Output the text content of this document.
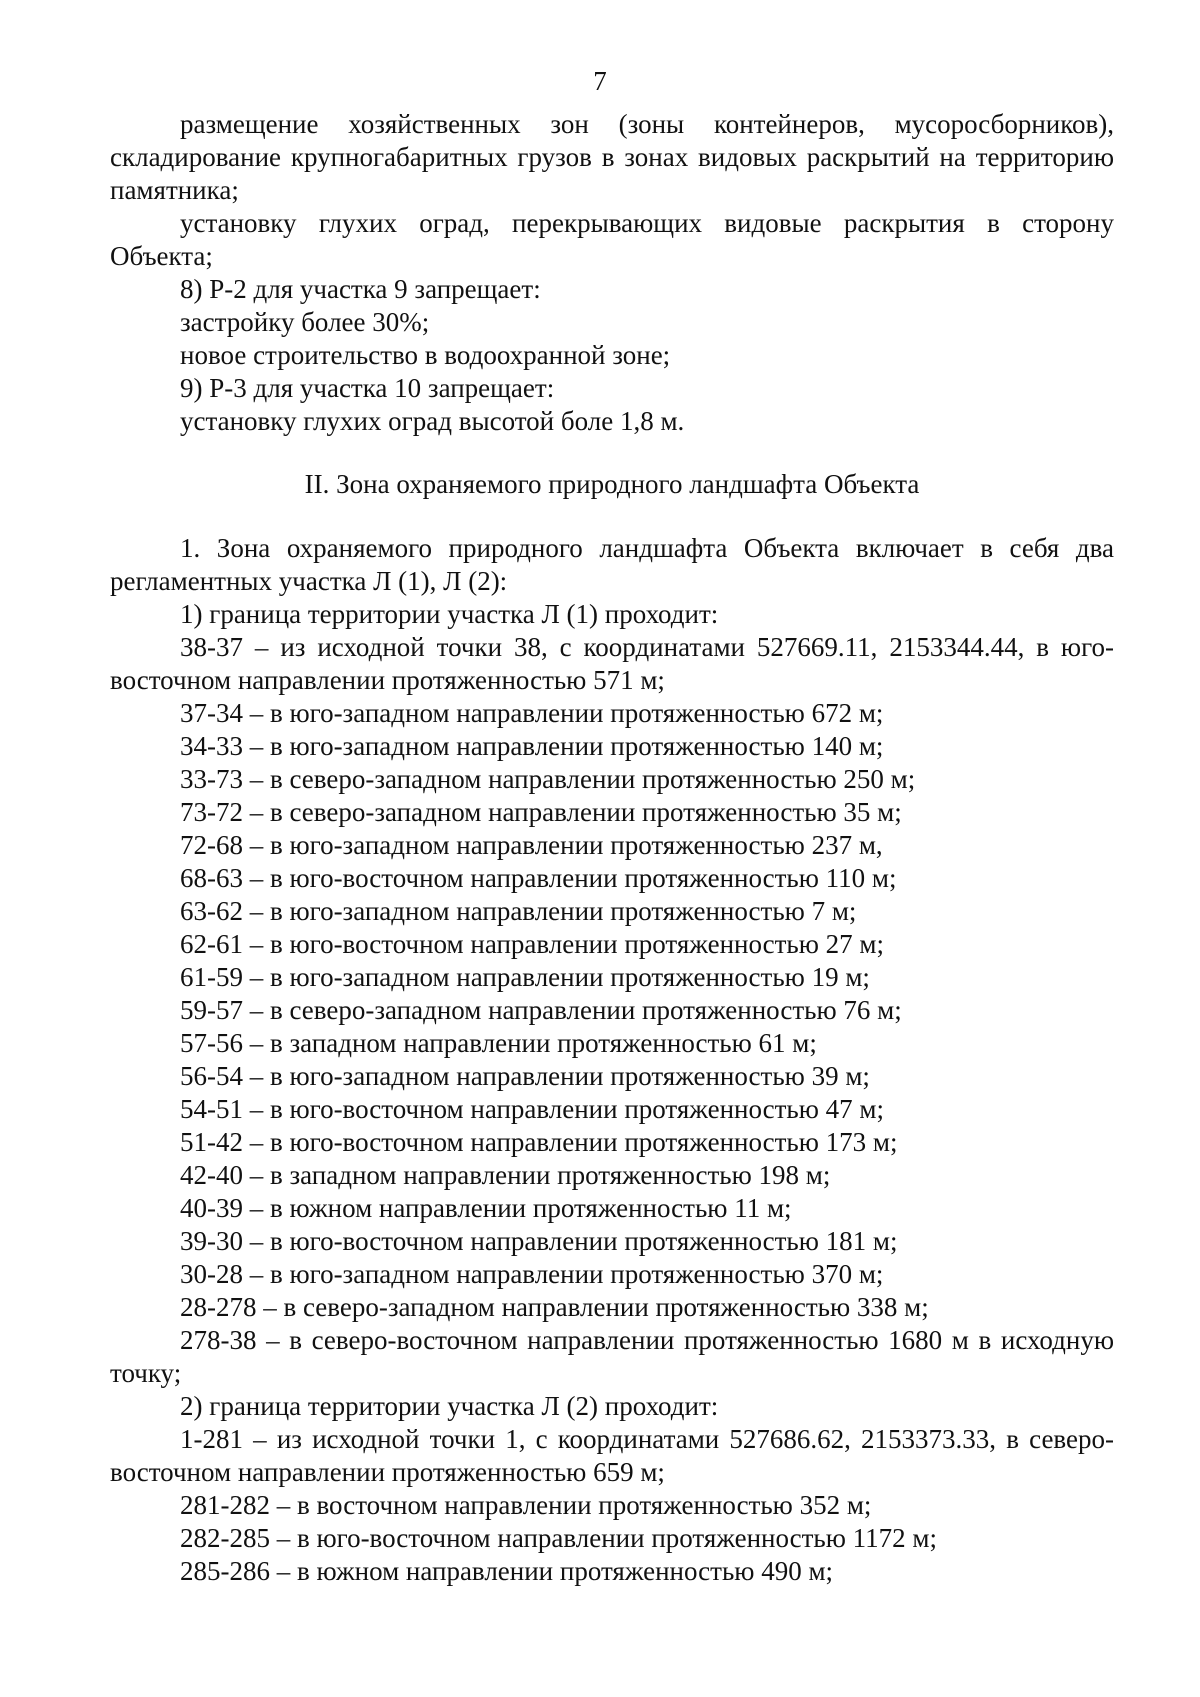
7

размещение хозяйственных зон (зоны контейнеров, мусоросборников), складирование крупногабаритных грузов в зонах видовых раскрытий на территорию памятника;

установку глухих оград, перекрывающих видовые раскрытия в сторону Объекта;

8) Р-2 для участка 9 запрещает:

застройку более 30%;

новое строительство в водоохранной зоне;

9) Р-3 для участка 10 запрещает:

установку глухих оград высотой боле 1,8 м.

II. Зона охраняемого природного ландшафта Объекта

1. Зона охраняемого природного ландшафта Объекта включает в себя два регламентных участка Л (1), Л (2):

1) граница территории участка Л (1) проходит:

38-37 – из исходной точки 38, с координатами 527669.11, 2153344.44, в юго-восточном направлении протяженностью 571 м;

37-34 – в юго-западном направлении протяженностью 672 м;

34-33 – в юго-западном направлении протяженностью 140 м;

33-73 – в северо-западном направлении протяженностью 250 м;

73-72 – в северо-западном направлении протяженностью 35 м;

72-68 – в юго-западном направлении протяженностью 237 м,

68-63 – в юго-восточном направлении протяженностью 110 м;

63-62 – в юго-западном направлении протяженностью 7 м;

62-61 – в юго-восточном направлении протяженностью 27 м;

61-59 – в юго-западном направлении протяженностью 19 м;

59-57 – в северо-западном направлении протяженностью 76 м;

57-56 – в западном направлении протяженностью 61 м;

56-54 – в юго-западном направлении протяженностью 39 м;

54-51 – в юго-восточном направлении протяженностью 47 м;

51-42 – в юго-восточном направлении протяженностью 173 м;

42-40 – в западном направлении протяженностью 198 м;

40-39 – в южном направлении протяженностью 11 м;

39-30 – в юго-восточном направлении протяженностью 181 м;

30-28 – в юго-западном направлении протяженностью 370 м;

28-278 – в северо-западном направлении протяженностью 338 м;

278-38 – в северо-восточном направлении протяженностью 1680 м в исходную точку;

2) граница территории участка Л (2) проходит:

1-281 – из исходной точки 1, с координатами 527686.62, 2153373.33, в северо-восточном направлении протяженностью 659 м;

281-282 – в восточном направлении протяженностью 352 м;

282-285 – в юго-восточном направлении протяженностью 1172 м;

285-286 – в южном направлении протяженностью 490 м;
